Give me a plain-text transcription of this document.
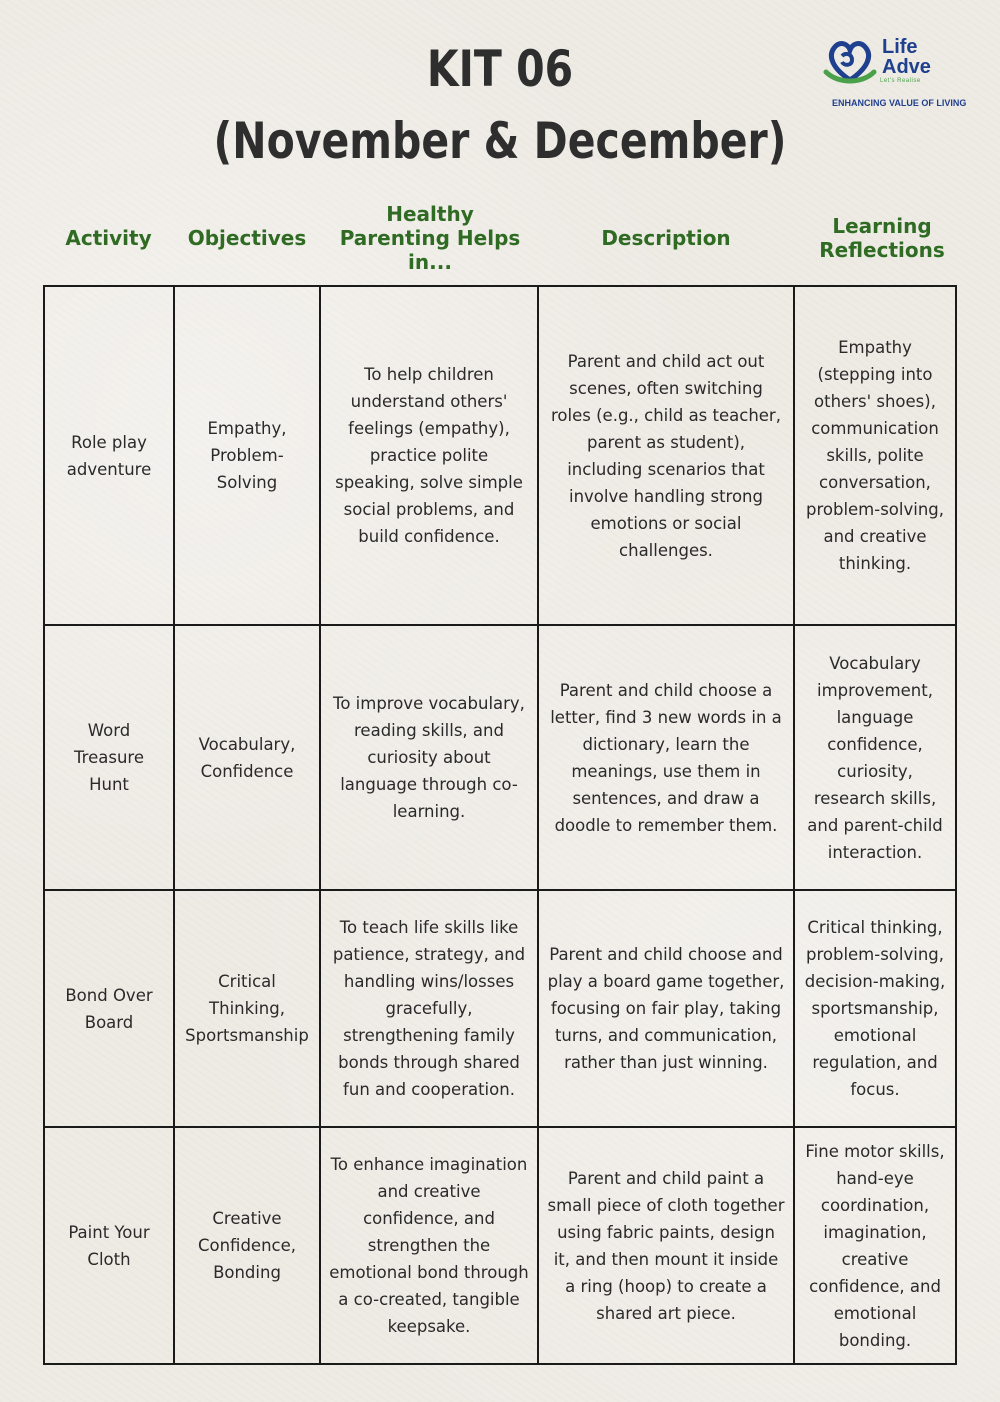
KIT 06
(November & December)
Life
Adve
Let's Realise
ENHANCING VALUE OF LIVING
Activity	Objectives
Healthy Parenting Helps in...
Description	Learning Reflections
Role play adventure
Empathy, Problem-Solving
To help children understand others' feelings (empathy), practice polite speaking, solve simple social problems, and build confidence.
Parent and child act out scenes, often switching roles (e.g., child as teacher, parent as student), including scenarios that involve handling strong emotions or social challenges.
Empathy (stepping into others' shoes), communication skills, polite conversation, problem-solving, and creative thinking.
Word Treasure Hunt
Vocabulary, Confidence
To improve vocabulary, reading skills, and curiosity about language through co-learning.
Parent and child choose a letter, find 3 new words in a dictionary, learn the meanings, use them in sentences, and draw a doodle to remember them.
Vocabulary improvement, language confidence, curiosity, research skills, and parent-child interaction.
Bond Over Board
Critical Thinking, Sportsmanship
To teach life skills like patience, strategy, and handling wins/losses gracefully, strengthening family bonds through shared fun and cooperation.
Parent and child choose and play a board game together, focusing on fair play, taking turns, and communication, rather than just winning.
Critical thinking, problem-solving, decision-making, sportsmanship, emotional regulation, and focus.
Paint Your Cloth
Creative Confidence, Bonding
To enhance imagination and creative confidence, and strengthen the emotional bond through a co-created, tangible keepsake.
Parent and child paint a small piece of cloth together using fabric paints, design it, and then mount it inside a ring (hoop) to create a shared art piece.
Fine motor skills, hand-eye coordination, imagination, creative confidence, and emotional bonding.
